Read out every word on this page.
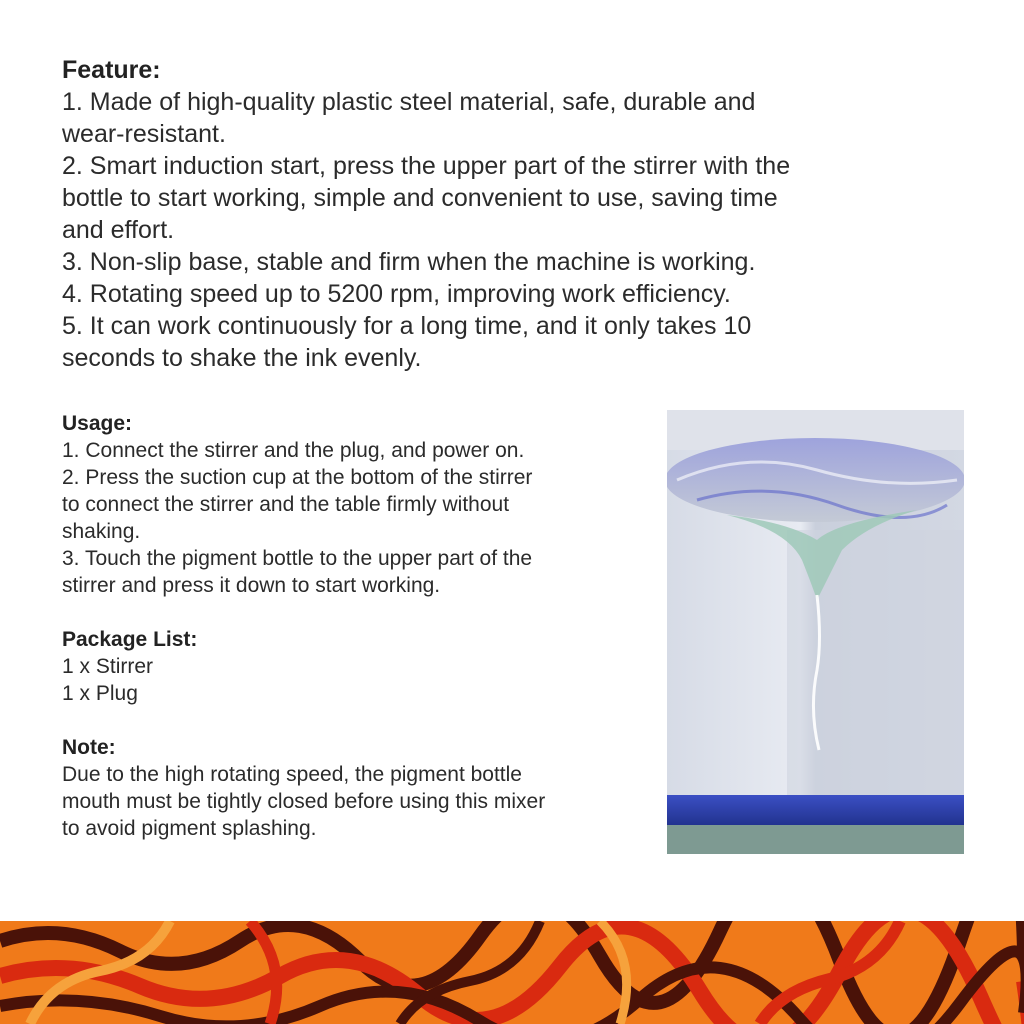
Feature:

1. Made of high-quality plastic steel material, safe, durable and

wear-resistant.

2. Smart induction start, press the upper part of the stirrer with the

bottle to start working, simple and convenient to use, saving time

and effort.

3. Non-slip base, stable and firm when the machine is working.

4. Rotating speed up to 5200 rpm, improving work efficiency.

5. It can work continuously for a long time, and it only takes 10

seconds to shake the ink evenly.

Usage:

1. Connect the stirrer and the plug, and power on.

2. Press the suction cup at the bottom of the stirrer

to connect the stirrer and the table firmly without

shaking.

3. Touch the pigment bottle to the upper part of the

stirrer and press it down to start working.

Package List:

1 x Stirrer

1 x Plug

Note:

Due to the high rotating speed, the pigment bottle

mouth must be tightly closed before using this mixer

to avoid pigment splashing.
